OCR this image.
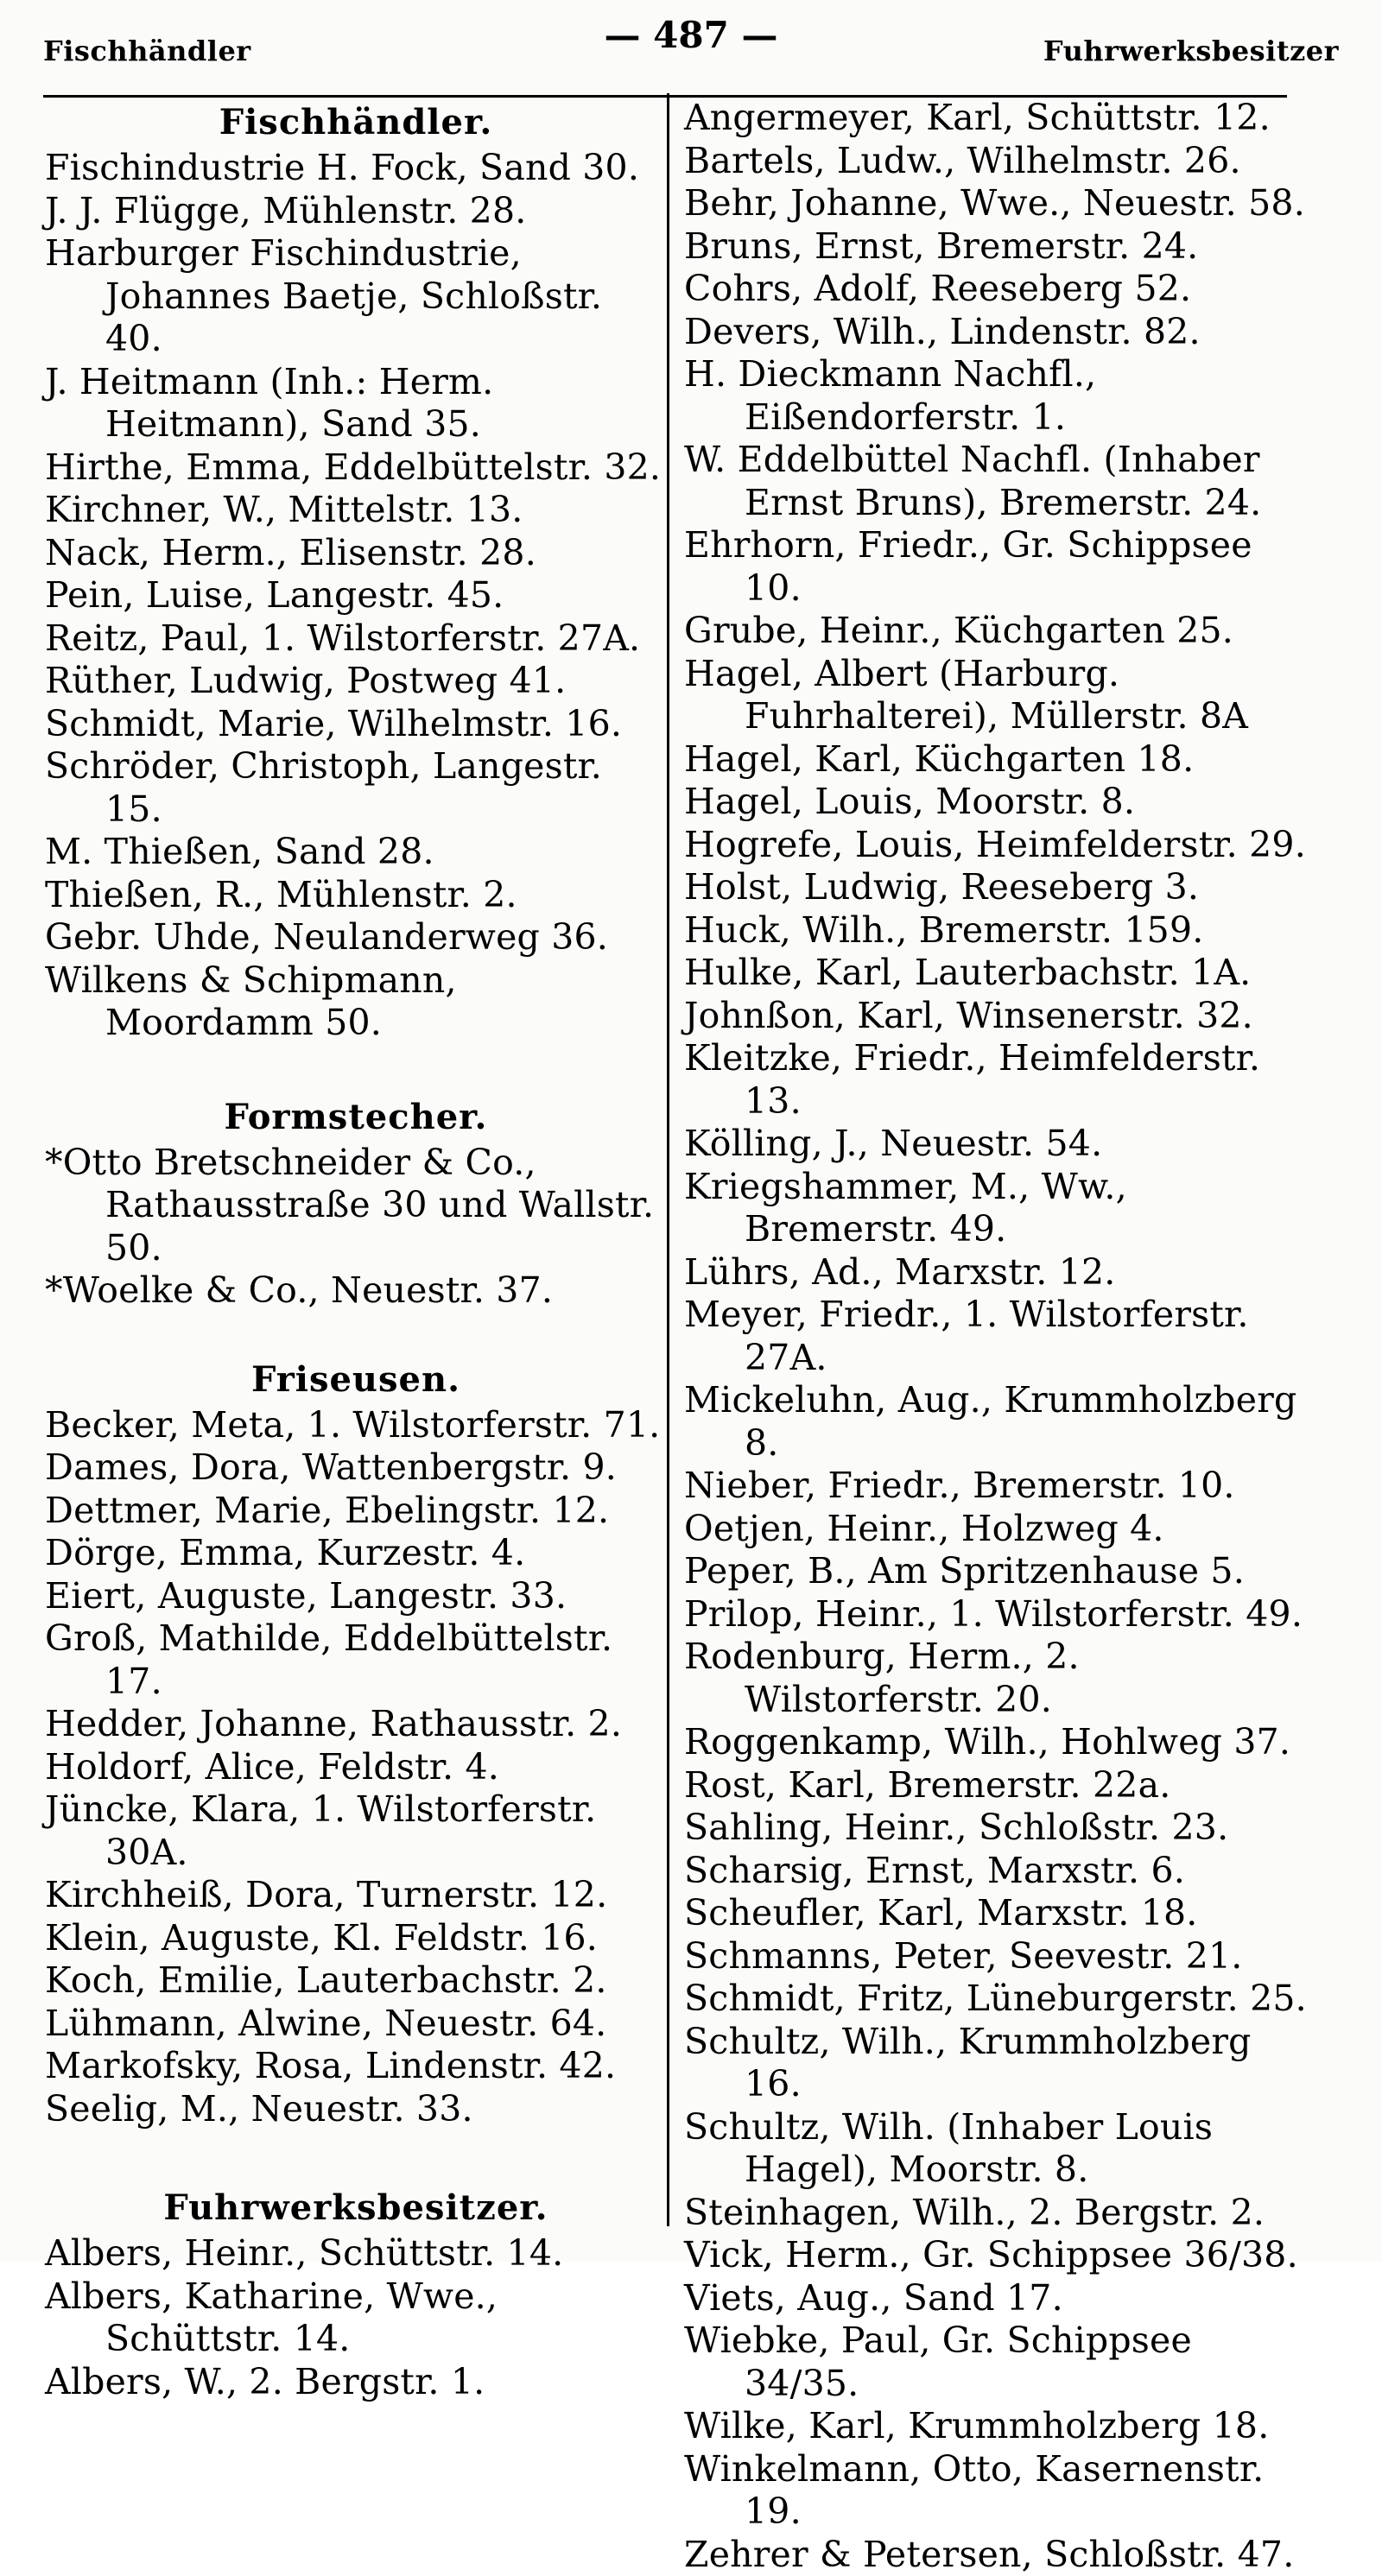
Fischhändler	— 487 —	Fuhrwerksbesitzer
Fischhändler.
Fischindustrie H. Fock, Sand 30.
J. J. Flügge, Mühlenstr. 28.
Harburger Fischindustrie, Johannes Baetje, Schloßstr. 40.
J. Heitmann (Inh.: Herm. Heitmann), Sand 35.
Hirthe, Emma, Eddelbüttelstr. 32.
Kirchner, W., Mittelstr. 13.
Nack, Herm., Elisenstr. 28.
Pein, Luise, Langestr. 45.
Reitz, Paul, 1. Wilstorferstr. 27A.
Rüther, Ludwig, Postweg 41.
Schmidt, Marie, Wilhelmstr. 16.
Schröder, Christoph, Langestr. 15.
M. Thießen, Sand 28.
Thießen, R., Mühlenstr. 2.
Gebr. Uhde, Neulanderweg 36.
Wilkens & Schipmann, Moordamm 50.
Formstecher.
*Otto Bretschneider & Co., Rathausstraße 30 und Wallstr. 50.
*Woelke & Co., Neuestr. 37.
Friseusen.
Becker, Meta, 1. Wilstorferstr. 71.
Dames, Dora, Wattenbergstr. 9.
Dettmer, Marie, Ebelingstr. 12.
Dörge, Emma, Kurzestr. 4.
Eiert, Auguste, Langestr. 33.
Groß, Mathilde, Eddelbüttelstr. 17.
Hedder, Johanne, Rathausstr. 2.
Holdorf, Alice, Feldstr. 4.
Jüncke, Klara, 1. Wilstorferstr. 30A.
Kirchheiß, Dora, Turnerstr. 12.
Klein, Auguste, Kl. Feldstr. 16.
Koch, Emilie, Lauterbachstr. 2.
Lühmann, Alwine, Neuestr. 64.
Markofsky, Rosa, Lindenstr. 42.
Seelig, M., Neuestr. 33.
Fuhrwerksbesitzer.
Albers, Heinr., Schüttstr. 14.
Albers, Katharine, Wwe., Schüttstr. 14.
Albers, W., 2. Bergstr. 1.
Angermeyer, Karl, Schüttstr. 12.
Bartels, Ludw., Wilhelmstr. 26.
Behr, Johanne, Wwe., Neuestr. 58.
Bruns, Ernst, Bremerstr. 24.
Cohrs, Adolf, Reeseberg 52.
Devers, Wilh., Lindenstr. 82.
H. Dieckmann Nachfl., Eißendorferstr. 1.
W. Eddelbüttel Nachfl. (Inhaber Ernst Bruns), Bremerstr. 24.
Ehrhorn, Friedr., Gr. Schippsee 10.
Grube, Heinr., Küchgarten 25.
Hagel, Albert (Harburg. Fuhrhalterei), Müllerstr. 8A
Hagel, Karl, Küchgarten 18.
Hagel, Louis, Moorstr. 8.
Hogrefe, Louis, Heimfelderstr. 29.
Holst, Ludwig, Reeseberg 3.
Huck, Wilh., Bremerstr. 159.
Hulke, Karl, Lauterbachstr. 1A.
Johnßon, Karl, Winsenerstr. 32.
Kleitzke, Friedr., Heimfelderstr. 13.
Kölling, J., Neuestr. 54.
Kriegshammer, M., Ww., Bremerstr. 49.
Lührs, Ad., Marxstr. 12.
Meyer, Friedr., 1. Wilstorferstr. 27A.
Mickeluhn, Aug., Krummholzberg 8.
Nieber, Friedr., Bremerstr. 10.
Oetjen, Heinr., Holzweg 4.
Peper, B., Am Spritzenhause 5.
Prilop, Heinr., 1. Wilstorferstr. 49.
Rodenburg, Herm., 2. Wilstorferstr. 20.
Roggenkamp, Wilh., Hohlweg 37.
Rost, Karl, Bremerstr. 22a.
Sahling, Heinr., Schloßstr. 23.
Scharsig, Ernst, Marxstr. 6.
Scheufler, Karl, Marxstr. 18.
Schmanns, Peter, Seevestr. 21.
Schmidt, Fritz, Lüneburgerstr. 25.
Schultz, Wilh., Krummholzberg 16.
Schultz, Wilh. (Inhaber Louis Hagel), Moorstr. 8.
Steinhagen, Wilh., 2. Bergstr. 2.
Vick, Herm., Gr. Schippsee 36/38.
Viets, Aug., Sand 17.
Wiebke, Paul, Gr. Schippsee 34/35.
Wilke, Karl, Krummholzberg 18.
Winkelmann, Otto, Kasernenstr. 19.
Zehrer & Petersen, Schloßstr. 47.
